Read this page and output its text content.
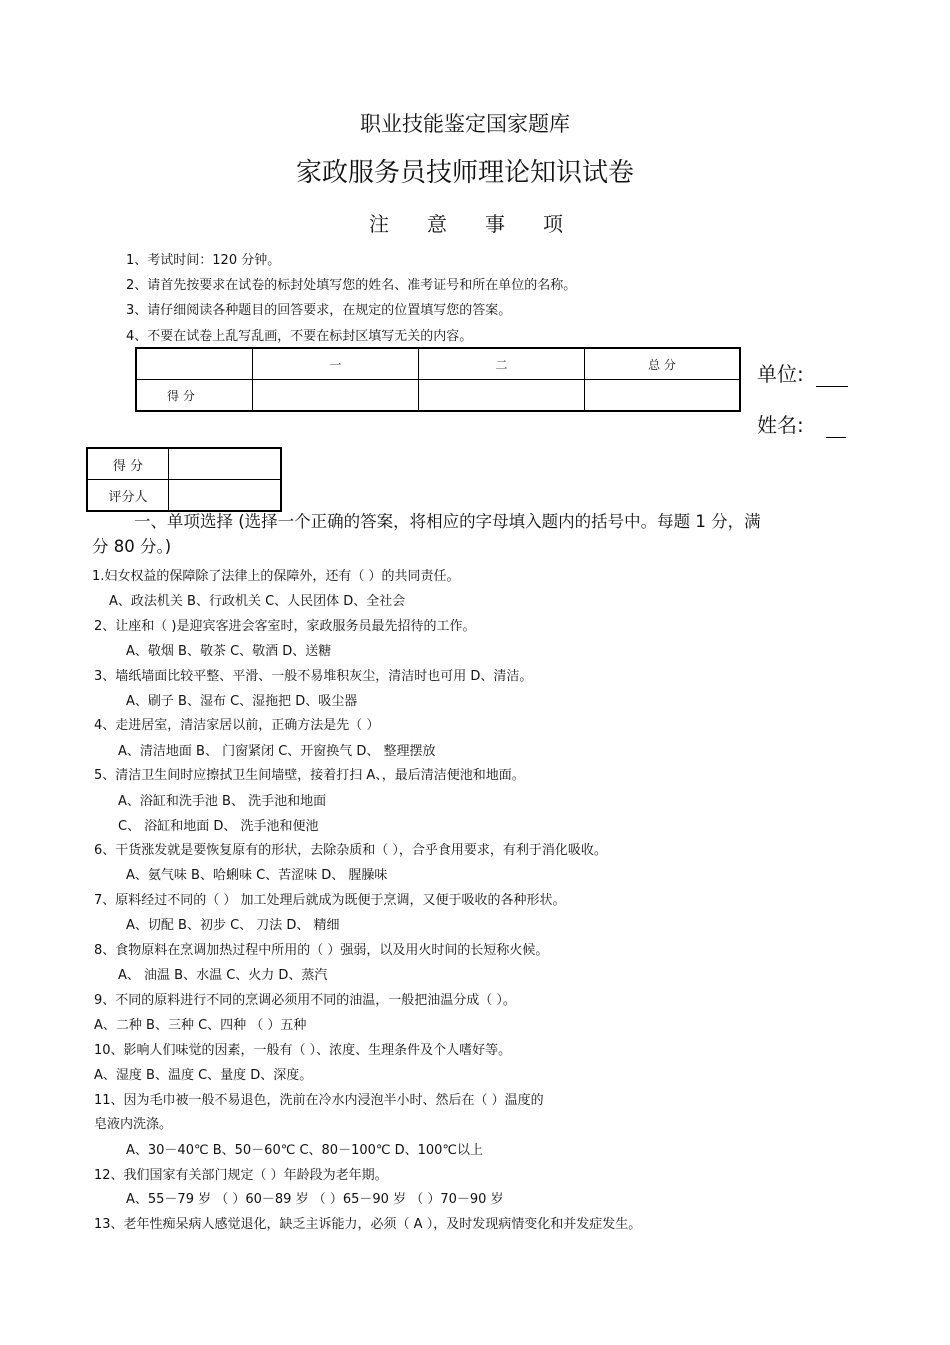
职业技能鉴定国家题库
家政服务员技师理论知识试卷
注意事项
1、考试时间：120 分钟。
2、请首先按要求在试卷的标封处填写您的姓名、准考证号和所在单位的名称。
3、请仔细阅读各种题目的回答要求，在规定的位置填写您的答案。
4、不要在试卷上乱写乱画，不要在标封区填写无关的内容。
	一	二	总 分
得 分			
单位:
姓名:
得 分	
评分人	
一、单项选择 (选择一个正确的答案，将相应的字母填入题内的括号中。每题 1 分，满
分 80 分。)
1.妇女权益的保障除了法律上的保障外，还有（ ）的共同责任。
A、政法机关 B、行政机关 C、人民团体 D、全社会
2、让座和（ )是迎宾客进会客室时，家政服务员最先招待的工作。
A、敬烟 B、敬茶 C、敬酒 D、送糖
3、墙纸墙面比较平整、平滑、一般不易堆积灰尘，清洁时也可用 D、清洁。
A、刷子 B、湿布 C、湿拖把 D、吸尘器
4、走进居室，清洁家居以前，正确方法是先（ ）
A、清洁地面 B、 门窗紧闭 C、开窗换气 D、 整理摆放
5、清洁卫生间时应擦拭卫生间墙壁，接着打扫 A、，最后清洁便池和地面。
A、浴缸和洗手池 B、 洗手池和地面
C、 浴缸和地面 D、 洗手池和便池
6、干货涨发就是要恢复原有的形状，去除杂质和（ ），合乎食用要求，有利于消化吸收。
A、氨气味 B、哈蜊味 C、苦涩味 D、 腥臊味
7、原料经过不同的（ ） 加工处理后就成为既便于烹调，又便于吸收的各种形状。
A、切配 B、初步 C、 刀法 D、 精细
8、食物原料在烹调加热过程中所用的（ ）强弱，以及用火时间的长短称火候。
A、 油温 B、水温 C、火力 D、蒸汽
9、不同的原料进行不同的烹调必须用不同的油温，一般把油温分成（ ）。
A、二种 B、三种 C、四种 （ ）五种
10、影响人们味觉的因素，一般有（ ）、浓度、生理条件及个人嗜好等。
A、湿度 B、温度 C、量度 D、深度。
11、因为毛巾被一般不易退色，洗前在冷水内浸泡半小时、然后在（ ）温度的
皂液内洗涤。
A、30－40℃ B、50－60℃ C、80－100℃ D、100℃以上
12、我们国家有关部门规定（ ）年龄段为老年期。
A、55－79 岁 （ ）60－89 岁 （ ）65－90 岁 （ ）70－90 岁
13、老年性痴呆病人感觉退化，缺乏主诉能力，必须（ A ），及时发现病情变化和并发症发生。
